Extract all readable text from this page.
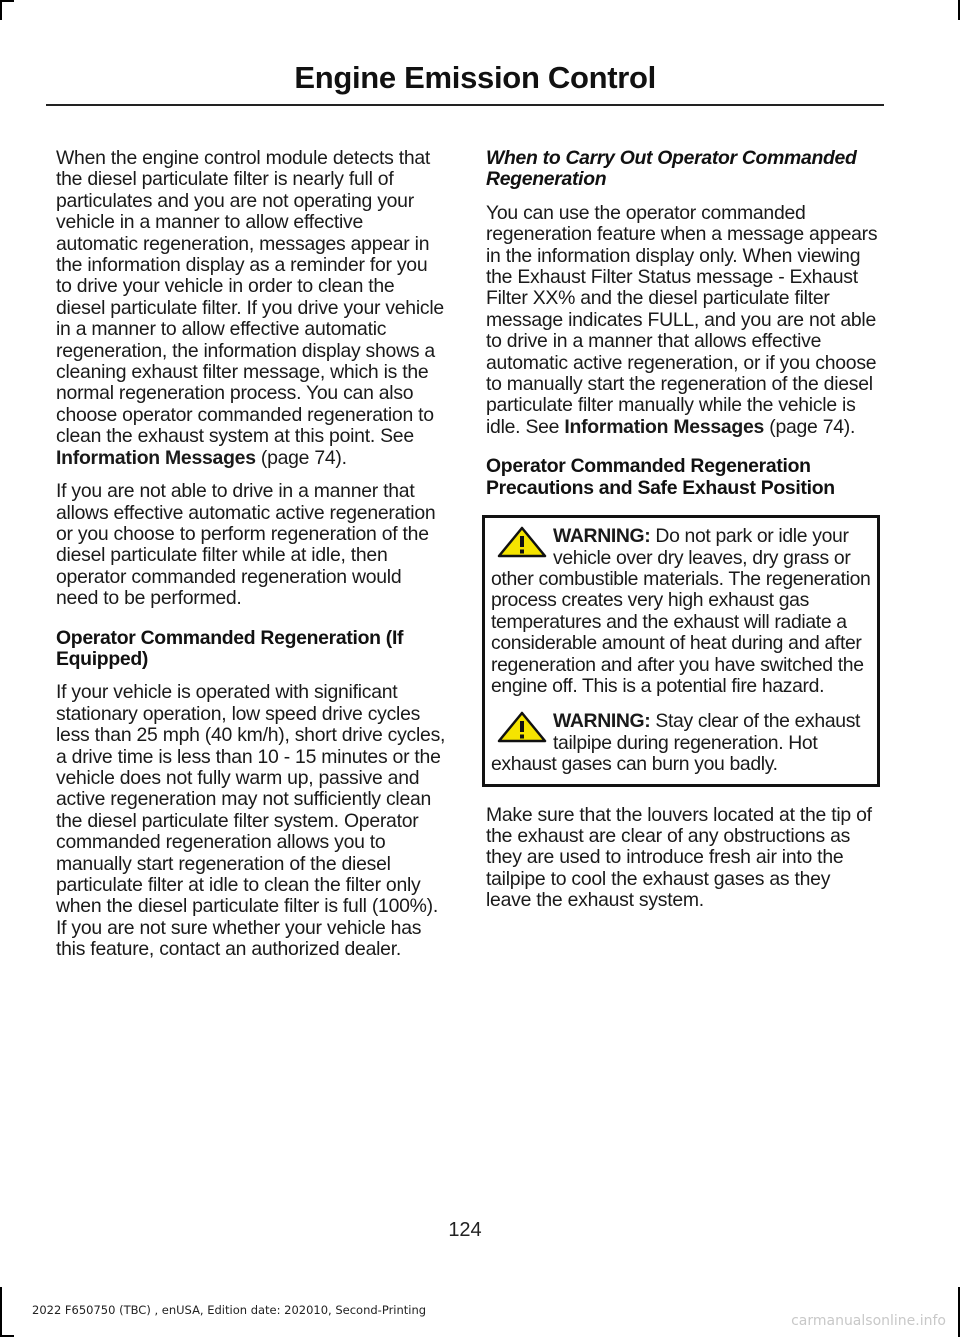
Engine Emission Control

When the engine control module detects that the diesel particulate filter is nearly full of particulates and you are not operating your vehicle in a manner to allow effective automatic regeneration, messages appear in the information display as a reminder for you to drive your vehicle in order to clean the diesel particulate filter. If you drive your vehicle in a manner to allow effective automatic regeneration, the information display shows a cleaning exhaust filter message, which is the normal regeneration process. You can also choose operator commanded regeneration to clean the exhaust system at this point. See Information Messages (page 74).

If you are not able to drive in a manner that allows effective automatic active regeneration or you choose to perform regeneration of the diesel particulate filter while at idle, then operator commanded regeneration would need to be performed.

Operator Commanded Regeneration (If Equipped)

If your vehicle is operated with significant stationary operation, low speed drive cycles less than 25 mph (40 km/h), short drive cycles, a drive time is less than 10 - 15 minutes or the vehicle does not fully warm up, passive and active regeneration may not sufficiently clean the diesel particulate filter system. Operator commanded regeneration allows you to manually start regeneration of the diesel particulate filter at idle to clean the filter only when the diesel particulate filter is full (100%). If you are not sure whether your vehicle has this feature, contact an authorized dealer.

When to Carry Out Operator Commanded Regeneration

You can use the operator commanded regeneration feature when a message appears in the information display only. When viewing the Exhaust Filter Status message - Exhaust Filter XX% and the diesel particulate filter message indicates FULL, and you are not able to drive in a manner that allows effective automatic active regeneration, or if you choose to manually start the regeneration of the diesel particulate filter manually while the vehicle is idle. See Information Messages (page 74).

Operator Commanded Regeneration Precautions and Safe Exhaust Position
WARNING: Do not park or idle your vehicle over dry leaves, dry grass or other combustible materials. The regeneration process creates very high exhaust gas temperatures and the exhaust will radiate a considerable amount of heat during and after regeneration and after you have switched the engine off. This is a potential fire hazard.
WARNING: Stay clear of the exhaust tailpipe during regeneration. Hot exhaust gases can burn you badly.

Make sure that the louvers located at the tip of the exhaust are clear of any obstructions as they are used to introduce fresh air into the tailpipe to cool the exhaust gases as they leave the exhaust system.

124
2022 F650750 (TBC) , enUSA, Edition date: 202010, Second-Printing
carmanualsonline.info
